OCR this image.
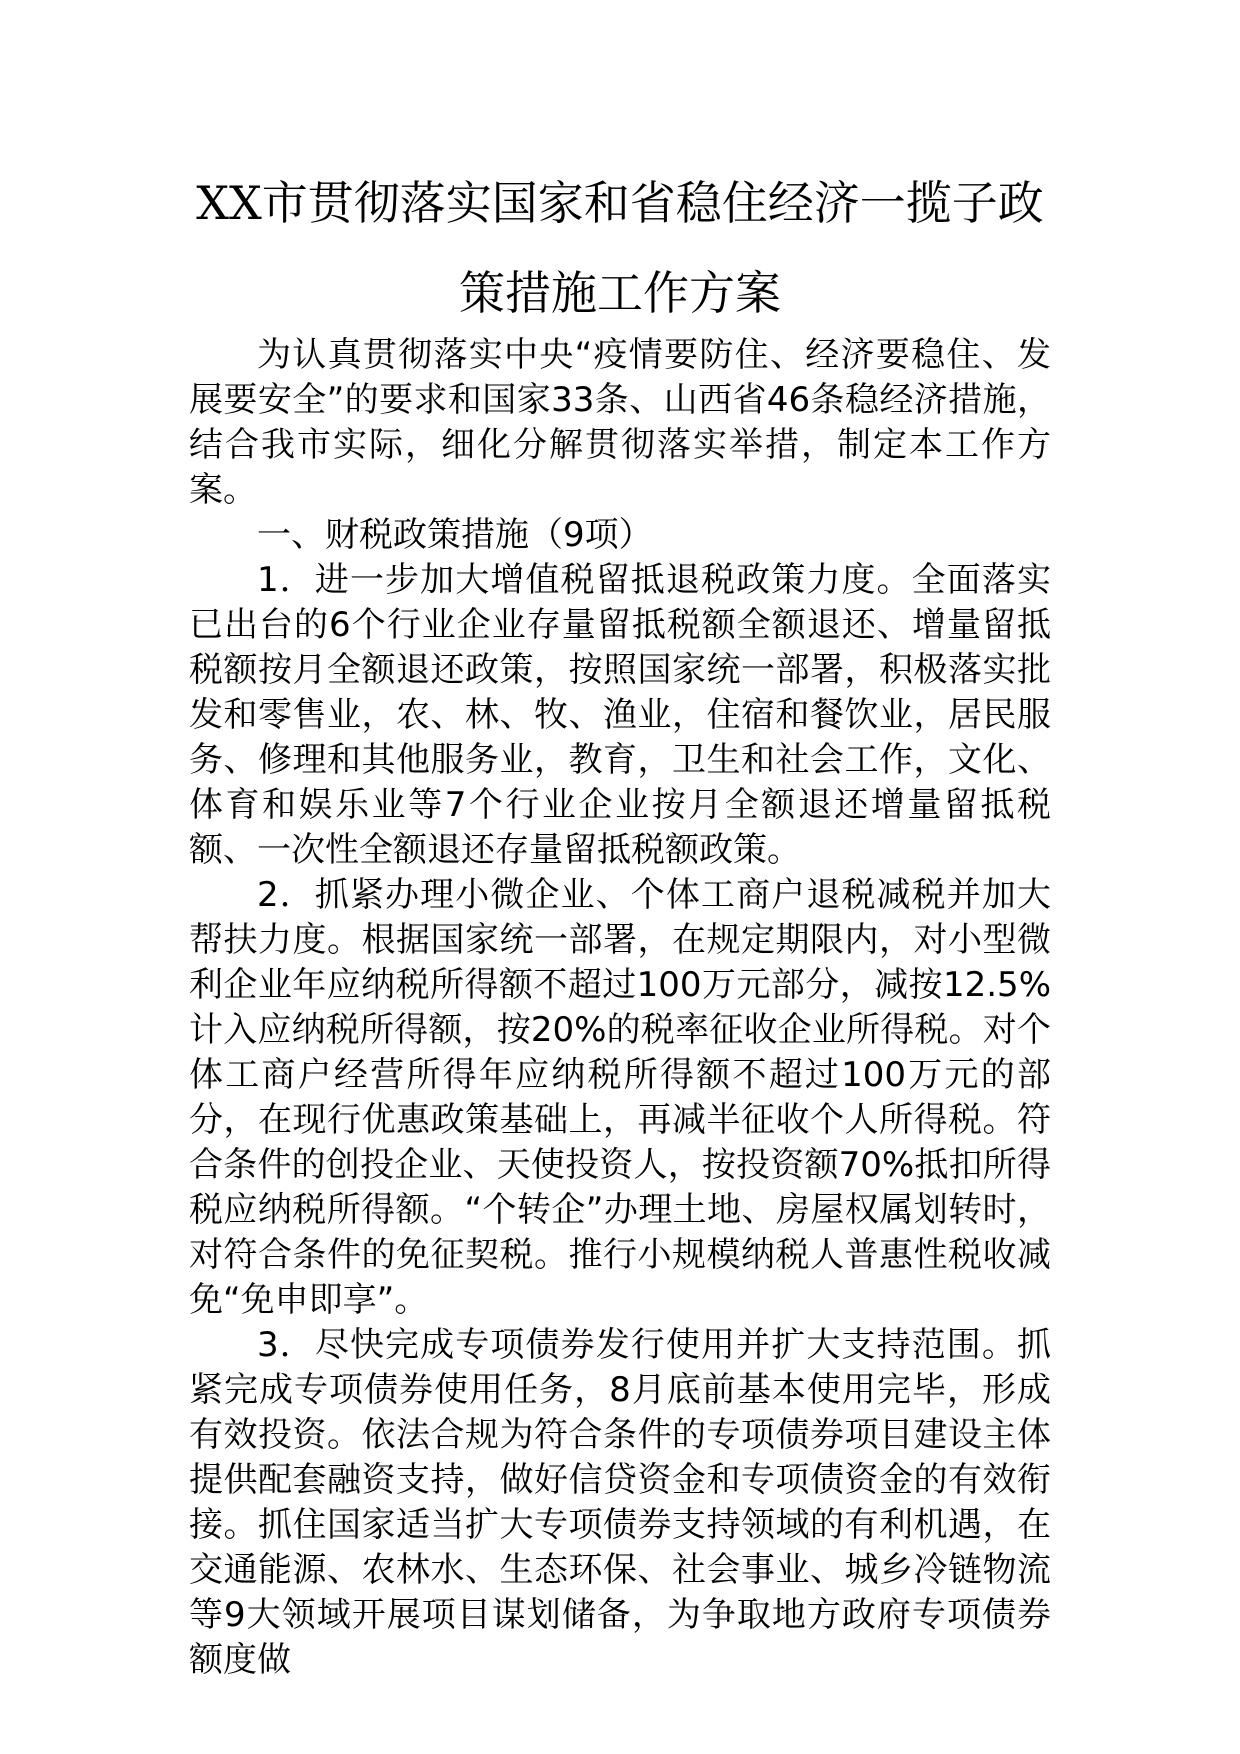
XX市贯彻落实国家和省稳住经济一揽子政
策措施工作方案

为认真贯彻落实中央“疫情要防住、经济要稳住、发展要安全”的要求和国家33条、山西省46条稳经济措施，结合我市实际，细化分解贯彻落实举措，制定本工作方案。

一、财税政策措施（9项）

1．进一步加大增值税留抵退税政策力度。全面落实已出台的6个行业企业存量留抵税额全额退还、增量留抵税额按月全额退还政策，按照国家统一部署，积极落实批发和零售业，农、林、牧、渔业，住宿和餐饮业，居民服务、修理和其他服务业，教育，卫生和社会工作，文化、体育和娱乐业等7个行业企业按月全额退还增量留抵税额、一次性全额退还存量留抵税额政策。

2．抓紧办理小微企业、个体工商户退税减税并加大帮扶力度。根据国家统一部署，在规定期限内，对小型微利企业年应纳税所得额不超过100万元部分，减按12.5%计入应纳税所得额，按20%的税率征收企业所得税。对个体工商户经营所得年应纳税所得额不超过100万元的部分，在现行优惠政策基础上，再减半征收个人所得税。符合条件的创投企业、天使投资人，按投资额70%抵扣所得税应纳税所得额。“个转企”办理土地、房屋权属划转时，对符合条件的免征契税。推行小规模纳税人普惠性税收减免“免申即享”。

3．尽快完成专项债券发行使用并扩大支持范围。抓紧完成专项债券使用任务，8月底前基本使用完毕，形成有效投资。依法合规为符合条件的专项债券项目建设主体提供配套融资支持，做好信贷资金和专项债资金的有效衔接。抓住国家适当扩大专项债券支持领域的有利机遇，在交通能源、农林水、生态环保、社会事业、城乡冷链物流等9大领域开展项目谋划储备，为争取地方政府专项债券额度做
